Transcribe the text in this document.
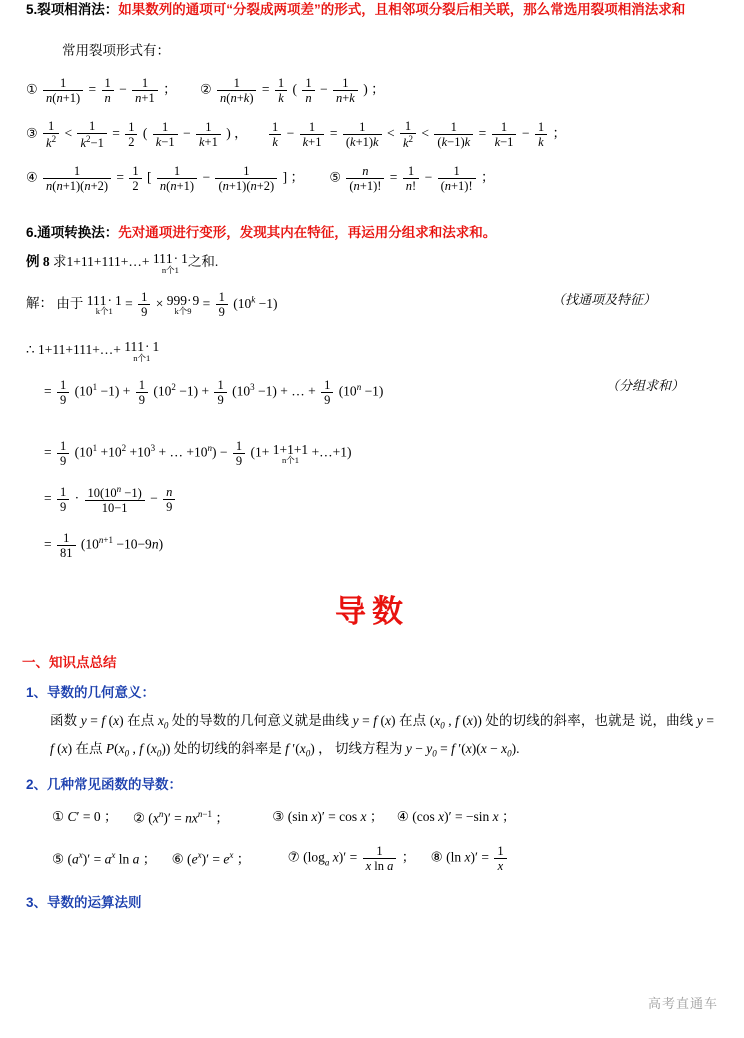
5.裂项相消法：如果数列的通项可“分裂成两项差”的形式，且相邻项分裂后相关联，那么常选用裂项相消法求和
常用裂项形式有：
① $\frac{1}{n(n+1)} = \frac{1}{n} - \frac{1}{n+1}$ ； ② $\frac{1}{n(n+k)} = \frac{1}{k}$ ( $\frac{1}{n} - \frac{1}{n+k}$ ) ；
③ $\frac{1}{k^2} < \frac{1}{k^2-1} = \frac{1}{2}$ ( $\frac{1}{k-1} - \frac{1}{k+1}$ ) ， $\frac{1}{k} - \frac{1}{k+1} = \frac{1}{(k+1)k} < \frac{1}{k^2} < \frac{1}{(k-1)k} = \frac{1}{k-1} - \frac{1}{k}$ ；
④ $\frac{1}{n(n+1)(n+2)} = \frac{1}{2}$ [ $\frac{1}{n(n+1)} - \frac{1}{(n+1)(n+2)}$ ] ； ⑤ $\frac{n}{(n+1)!} = \frac{1}{n!} - \frac{1}{(n+1)!}$ ；
6.通项转换法：先对通项进行变形，发现其内在特征，再运用分组求和法求和。
例 8 求1+11+111+…+ 111· 1
n个1
之和.
解： 由于 111· 1
k个1
= $\frac{1}{9} \times 999\cdot 9$
k个9
= $\frac{1}{9} (10^k -1)$	（找通项及特征）
∴ 1+11+111+…+ 111· 1
n个1
= $\frac{1}{9} (10^1 -1) + \frac{1}{9} (10^2 -1) + \frac{1}{9} (10^3 -1)$ + … + $\frac{1}{9} (10^n -1)$	（分组求和）
= $\frac{1}{9} (10^1 +10^2 +10^3$ + … $+10^n) - \frac{1}{9} (1+ 1+1+1$
n个1
+…+1)
= $\frac{1}{9} \cdot \frac{10(10^n -1)}{10-1} - \frac{n}{9}$
= $\frac{1}{81} (10^{n+1} -10-9n)$
导数
一、知识点总结
1、导数的几何意义：
函数 y = f (x) 在点 $x_0$ 处的导数的几何意义就是曲线 y = f (x) 在点 ($x_0$ , f (x)) 处的切线的斜率，也就是 说，曲线 y = f (x) 在点 $P(x_0$ , f $(x_0)$) 处的切线的斜率是 f $'(x_0)$ ， 切线方程为 $y - y_0 = f$ $'(x)(x - x_0)$.
2、几种常见函数的导数：
① C′ = 0 ； ② $(x^n)' = nx^{n-1}$ ；	③ (sin x)′ = cos x ； ④ (cos x)′ = −sin x ；
⑤ $(a^x)' = a^x$ ln a ； ⑥ $(e^x)' = e^x$ ；	⑦ ($\log_a$ $x)' = \frac{1}{\text{x ln a}}$ ； ⑧ (ln $x)' = \frac{1}{x}$
3、导数的运算法则
高考直通车
